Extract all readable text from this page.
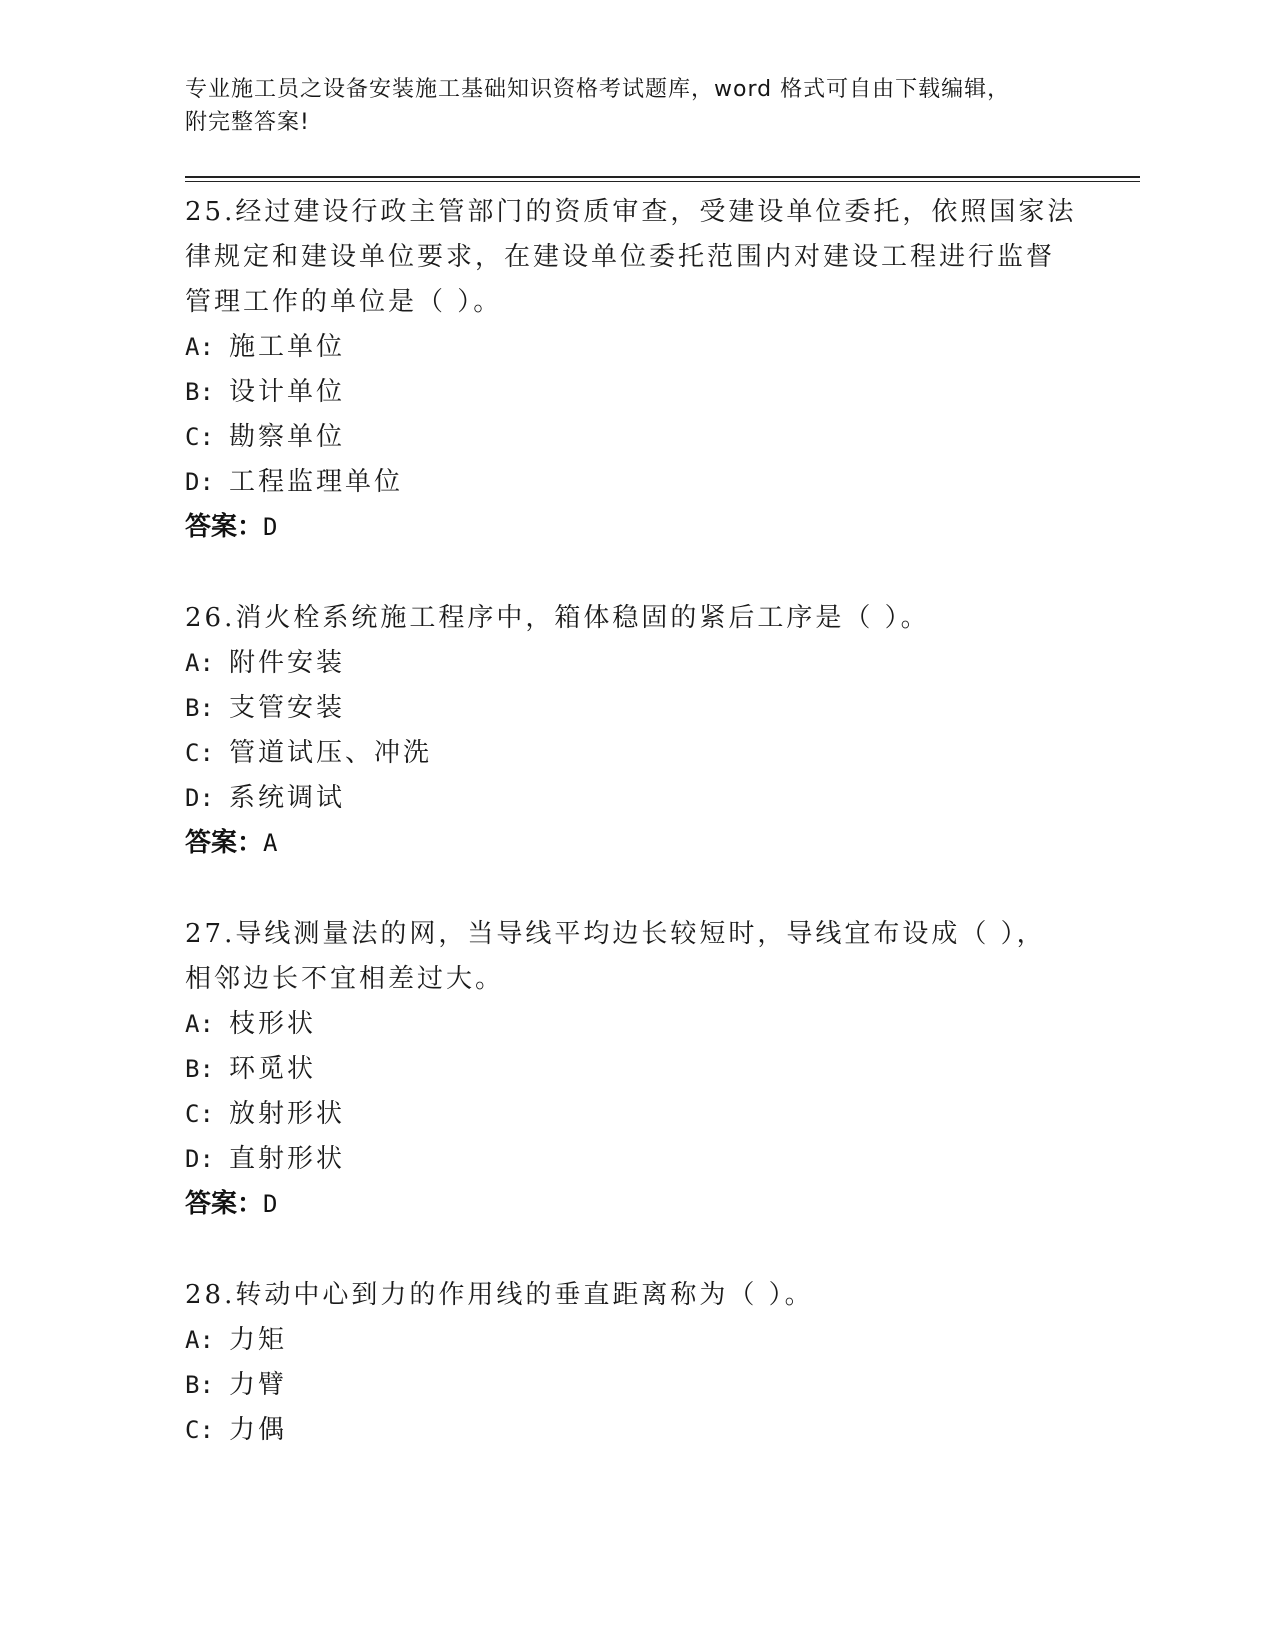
专业施工员之设备安装施工基础知识资格考试题库，word 格式可自由下载编辑，
附完整答案!
25.经过建设行政主管部门的资质审查，受建设单位委托，依照国家法
律规定和建设单位要求，在建设单位委托范围内对建设工程进行监督
管理工作的单位是（ ）。
A: 施工单位
B: 设计单位
C: 勘察单位
D: 工程监理单位
答案：D
26.消火栓系统施工程序中，箱体稳固的紧后工序是（ ）。
A: 附件安装
B: 支管安装
C: 管道试压、冲洗
D: 系统调试
答案：A
27.导线测量法的网，当导线平均边长较短时，导线宜布设成（ ），
相邻边长不宜相差过大。
A: 枝形状
B: 环觅状
C: 放射形状
D: 直射形状
答案：D
28.转动中心到力的作用线的垂直距离称为（ ）。
A: 力矩
B: 力臂
C: 力偶
